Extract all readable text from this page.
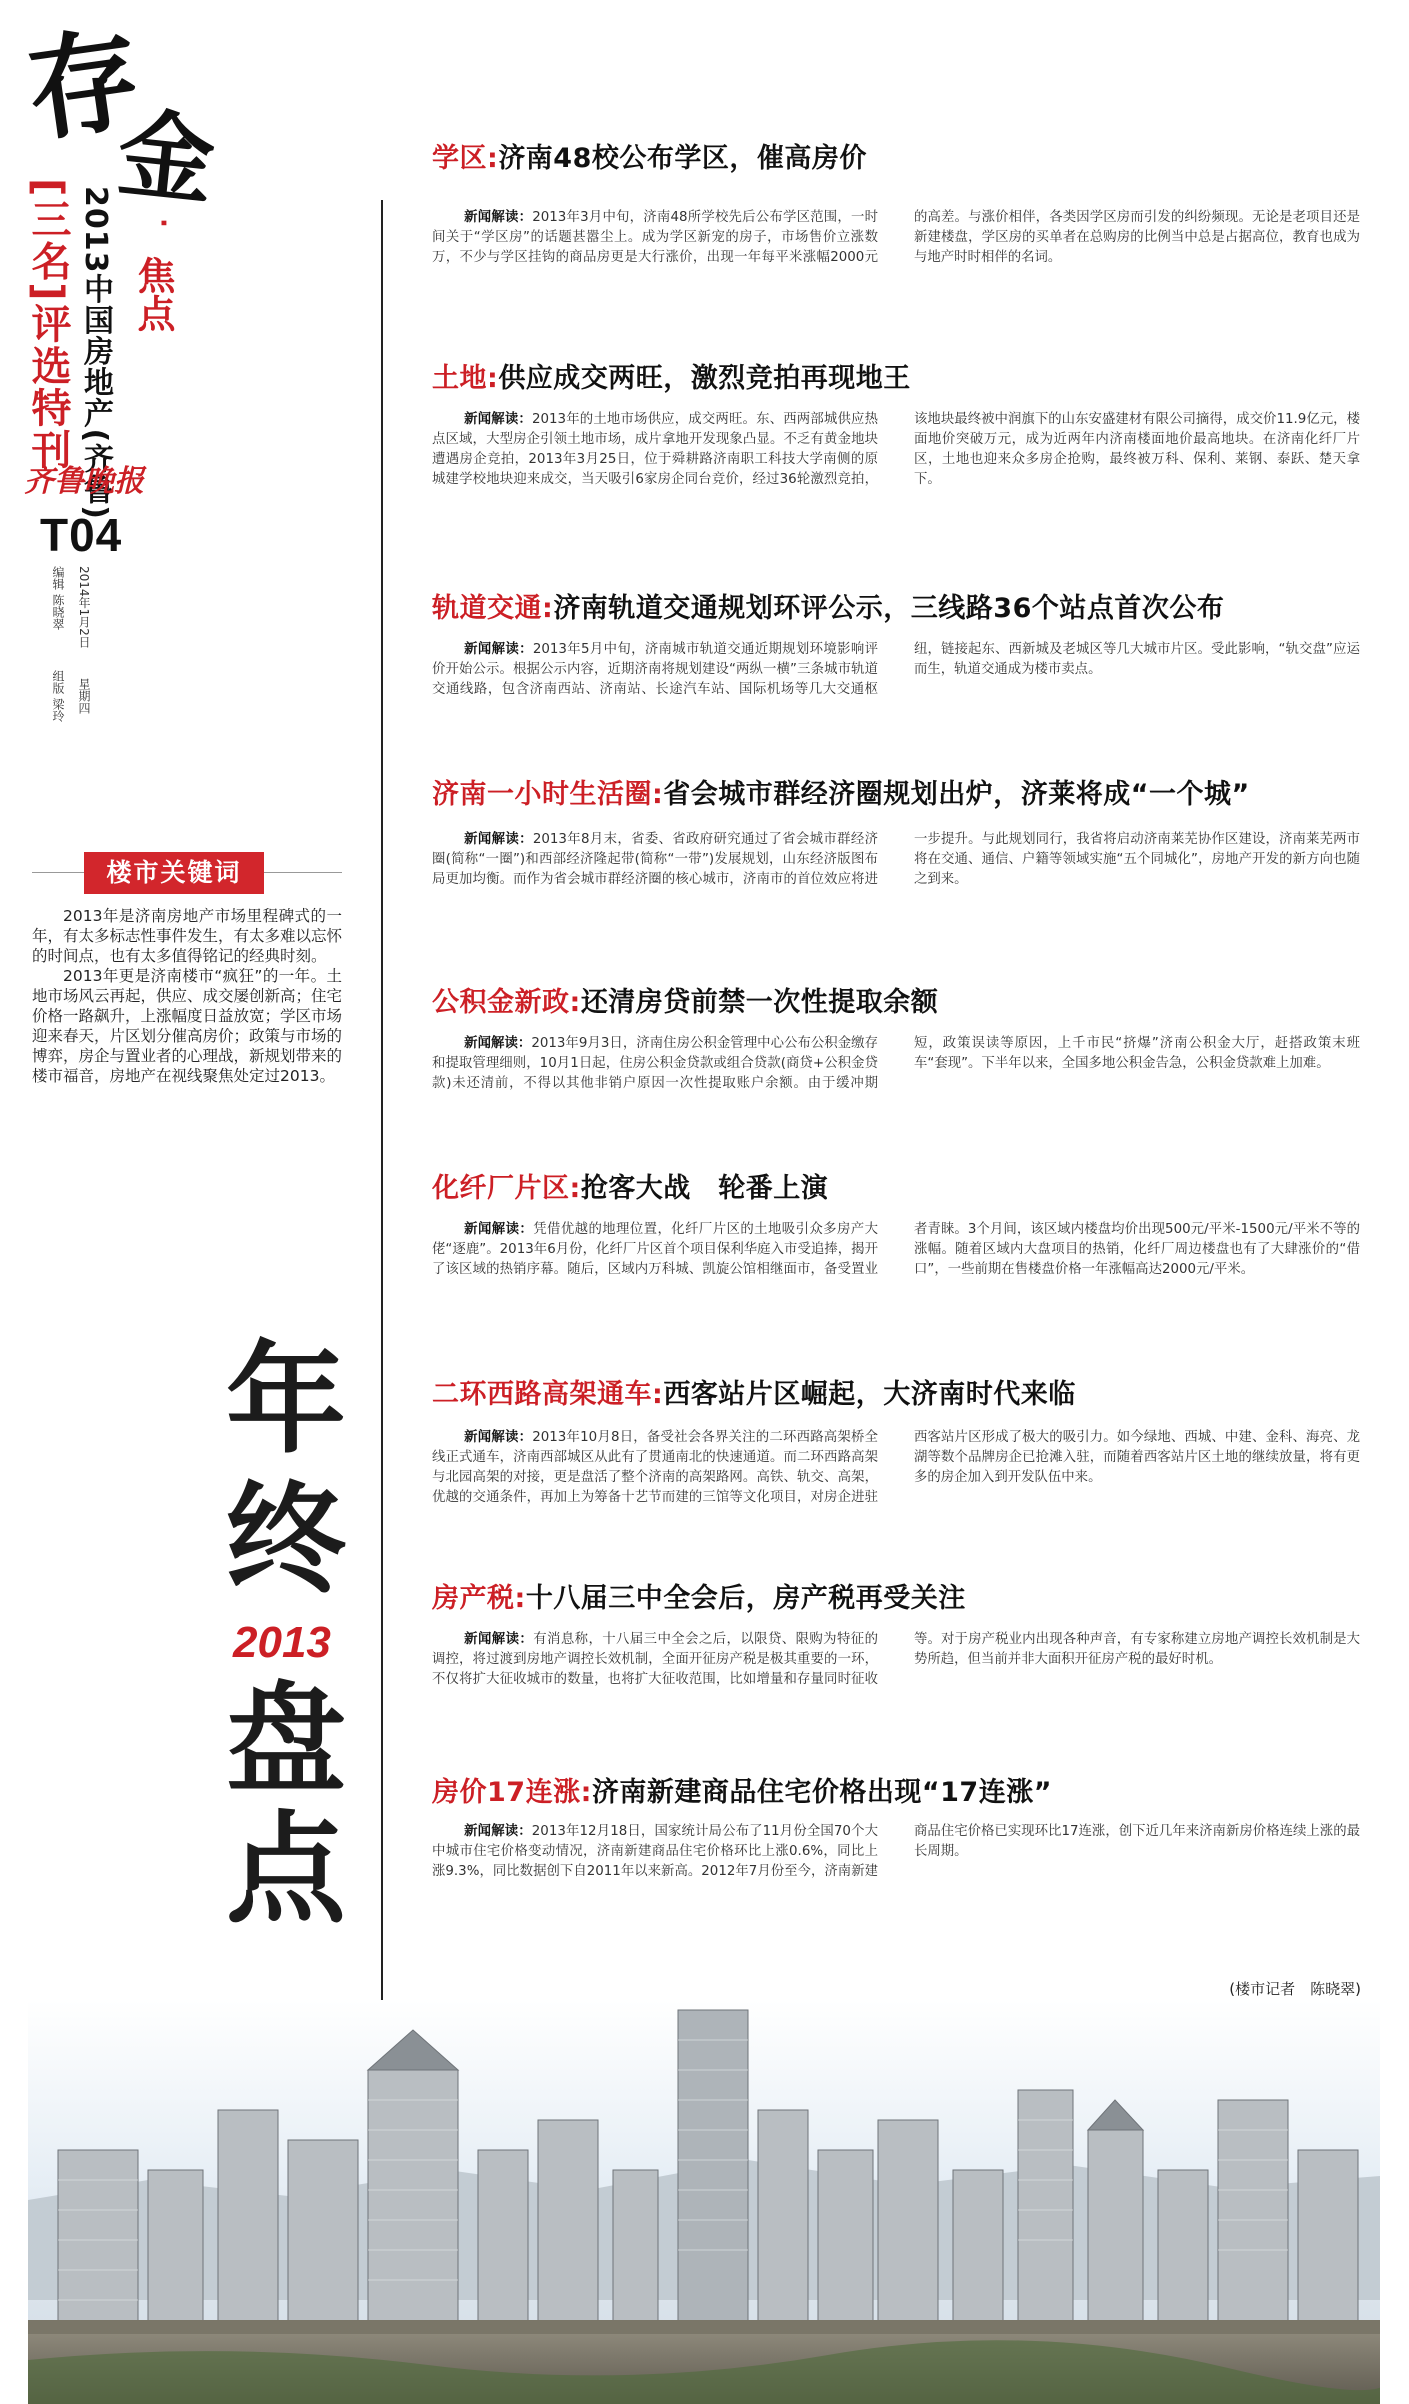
存
金
·
焦点
2013中国房地产(齐鲁)
[三名]评选特刊
齐鲁晚报
T04
2014年1月2日
星期四
编辑 陈晓翠
组版 梁玲
楼市关键词

2013年是济南房地产市场里程碑式的一年，有太多标志性事件发生，有太多难以忘怀的时间点，也有太多值得铭记的经典时刻。

2013年更是济南楼市“疯狂”的一年。土地市场风云再起，供应、成交屡创新高；住宅价格一路飙升，上涨幅度日益放宽；学区市场迎来春天，片区划分催高房价；政策与市场的博弈，房企与置业者的心理战，新规划带来的楼市福音，房地产在视线聚焦处定过2013。

年
终
2013
盘
点
学区:济南48校公布学区，催高房价

新闻解读：2013年3月中旬，济南48所学校先后公布学区范围，一时间关于“学区房”的话题甚嚣尘上。成为学区新宠的房子，市场售价立涨数万，不少与学区挂钩的商品房更是大行涨价，出现一年每平米涨幅2000元的高差。与涨价相伴，各类因学区房而引发的纠纷频现。无论是老项目还是新建楼盘，学区房的买单者在总购房的比例当中总是占据高位，教育也成为与地产时时相伴的名词。

土地:供应成交两旺，激烈竞拍再现地王

新闻解读：2013年的土地市场供应，成交两旺。东、西两部城供应热点区域，大型房企引领土地市场，成片拿地开发现象凸显。不乏有黄金地块遭遇房企竞拍，2013年3月25日，位于舜耕路济南职工科技大学南侧的原城建学校地块迎来成交，当天吸引6家房企同台竞价，经过36轮激烈竞拍，该地块最终被中润旗下的山东安盛建材有限公司摘得，成交价11.9亿元，楼面地价突破万元，成为近两年内济南楼面地价最高地块。在济南化纤厂片区，土地也迎来众多房企抢购，最终被万科、保利、莱钢、泰跃、楚天拿下。

轨道交通:济南轨道交通规划环评公示，三线路36个站点首次公布

新闻解读：2013年5月中旬，济南城市轨道交通近期规划环境影响评价开始公示。根据公示内容，近期济南将规划建设“两纵一横”三条城市轨道交通线路，包含济南西站、济南站、长途汽车站、国际机场等几大交通枢纽，链接起东、西新城及老城区等几大城市片区。受此影响，“轨交盘”应运而生，轨道交通成为楼市卖点。

济南一小时生活圈:省会城市群经济圈规划出炉，济莱将成“一个城”

新闻解读：2013年8月末，省委、省政府研究通过了省会城市群经济圈(简称“一圈”)和西部经济隆起带(简称“一带”)发展规划，山东经济版图布局更加均衡。而作为省会城市群经济圈的核心城市，济南市的首位效应将进一步提升。与此规划同行，我省将启动济南莱芜协作区建设，济南莱芜两市将在交通、通信、户籍等领域实施“五个同城化”，房地产开发的新方向也随之到来。

公积金新政:还清房贷前禁一次性提取余额

新闻解读：2013年9月3日，济南住房公积金管理中心公布公积金缴存和提取管理细则，10月1日起，住房公积金贷款或组合贷款(商贷+公积金贷款)未还清前，不得以其他非销户原因一次性提取账户余额。由于缓冲期短，政策误读等原因，上千市民“挤爆”济南公积金大厅，赶搭政策末班车“套现”。下半年以来，全国多地公积金告急，公积金贷款难上加难。

化纤厂片区:抢客大战　轮番上演

新闻解读：凭借优越的地理位置，化纤厂片区的土地吸引众多房产大佬“逐鹿”。2013年6月份，化纤厂片区首个项目保利华庭入市受追捧，揭开了该区域的热销序幕。随后，区域内万科城、凯旋公馆相继面市，备受置业者青睐。3个月间，该区域内楼盘均价出现500元/平米-1500元/平米不等的涨幅。随着区域内大盘项目的热销，化纤厂周边楼盘也有了大肆涨价的“借口”，一些前期在售楼盘价格一年涨幅高达2000元/平米。

二环西路高架通车:西客站片区崛起，大济南时代来临

新闻解读：2013年10月8日，备受社会各界关注的二环西路高架桥全线正式通车，济南西部城区从此有了贯通南北的快速通道。而二环西路高架与北园高架的对接，更是盘活了整个济南的高架路网。高铁、轨交、高架，优越的交通条件，再加上为筹备十艺节而建的三馆等文化项目，对房企进驻西客站片区形成了极大的吸引力。如今绿地、西城、中建、金科、海亮、龙湖等数个品牌房企已抢滩入驻，而随着西客站片区土地的继续放量，将有更多的房企加入到开发队伍中来。

房产税:十八届三中全会后，房产税再受关注

新闻解读：有消息称，十八届三中全会之后，以限贷、限购为特征的调控，将过渡到房地产调控长效机制，全面开征房产税是极其重要的一环，不仅将扩大征收城市的数量，也将扩大征收范围，比如增量和存量同时征收等。对于房产税业内出现各种声音，有专家称建立房地产调控长效机制是大势所趋，但当前并非大面积开征房产税的最好时机。

房价17连涨:济南新建商品住宅价格出现“17连涨”

新闻解读：2013年12月18日，国家统计局公布了11月份全国70个大中城市住宅价格变动情况，济南新建商品住宅价格环比上涨0.6%，同比上涨9.3%，同比数据创下自2011年以来新高。2012年7月份至今，济南新建商品住宅价格已实现环比17连涨，创下近几年来济南新房价格连续上涨的最长周期。

(楼市记者　陈晓翠)
